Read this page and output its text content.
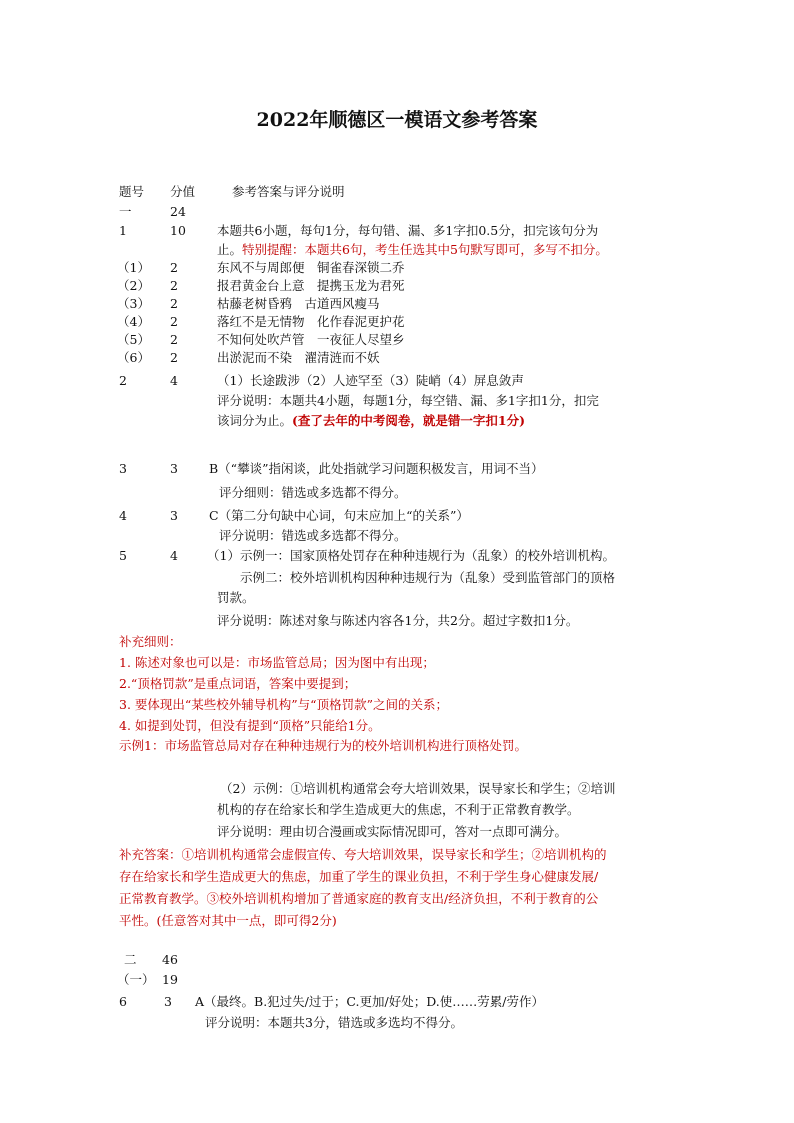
2022年顺德区一模语文参考答案
题号 分值	参考答案与评分说明
一	24
1	10 本题共6小题，每句1分，每句错、漏、多1字扣0.5分，扣完该句分为
止。特别提醒：本题共6句，考生任选其中5句默写即可，多写不扣分。
（1） 2	东风不与周郎便　铜雀春深锁二乔
（2） 2	报君黄金台上意　提携玉龙为君死
（3） 2	枯藤老树昏鸦　古道西风瘦马
（4） 2	落红不是无情物　化作春泥更护花
（5） 2	不知何处吹芦管　一夜征人尽望乡
（6） 2	出淤泥而不染　濯清涟而不妖
2	4	（1）长途跋涉（2）人迹罕至（3）陡峭（4）屏息敛声
评分说明：本题共4小题，每题1分，每空错、漏、多1字扣1分，扣完
该词分为止。(查了去年的中考阅卷，就是错一字扣1分)
3	3 B（“攀谈”指闲谈，此处指就学习问题积极发言，用词不当）
评分细则：错选或多选都不得分。
4	3 C（第二分句缺中心词，句末应加上“的关系”）
评分说明：错选或多选都不得分。
5	4 （1）示例一：国家顶格处罚存在种种违规行为（乱象）的校外培训机构。
示例二：校外培训机构因种种违规行为（乱象）受到监管部门的顶格
罚款。
评分说明：陈述对象与陈述内容各1分，共2分。超过字数扣1分。
补充细则：
1. 陈述对象也可以是：市场监管总局；因为图中有出现；
2.“顶格罚款”是重点词语，答案中要提到；
3. 要体现出“某些校外辅导机构”与“顶格罚款”之间的关系；
4. 如提到处罚，但没有提到“顶格”只能给1分。
示例1：市场监管总局对存在种种违规行为的校外培训机构进行顶格处罚。
（2）示例：①培训机构通常会夸大培训效果，误导家长和学生；②培训
机构的存在给家长和学生造成更大的焦虑，不利于正常教育教学。
评分说明：理由切合漫画或实际情况即可，答对一点即可满分。
补充答案：①培训机构通常会虚假宣传、夸大培训效果，误导家长和学生；②培训机构的
存在给家长和学生造成更大的焦虑，加重了学生的课业负担，不利于学生身心健康发展/
正常教育教学。③校外培训机构增加了普通家庭的教育支出/经济负担，不利于教育的公
平性。(任意答对其中一点，即可得2分)
二 46
（一） 19
6	3 A（最终。B.犯过失/过于；C.更加/好处；D.使……劳累/劳作）
评分说明：本题共3分，错选或多选均不得分。
